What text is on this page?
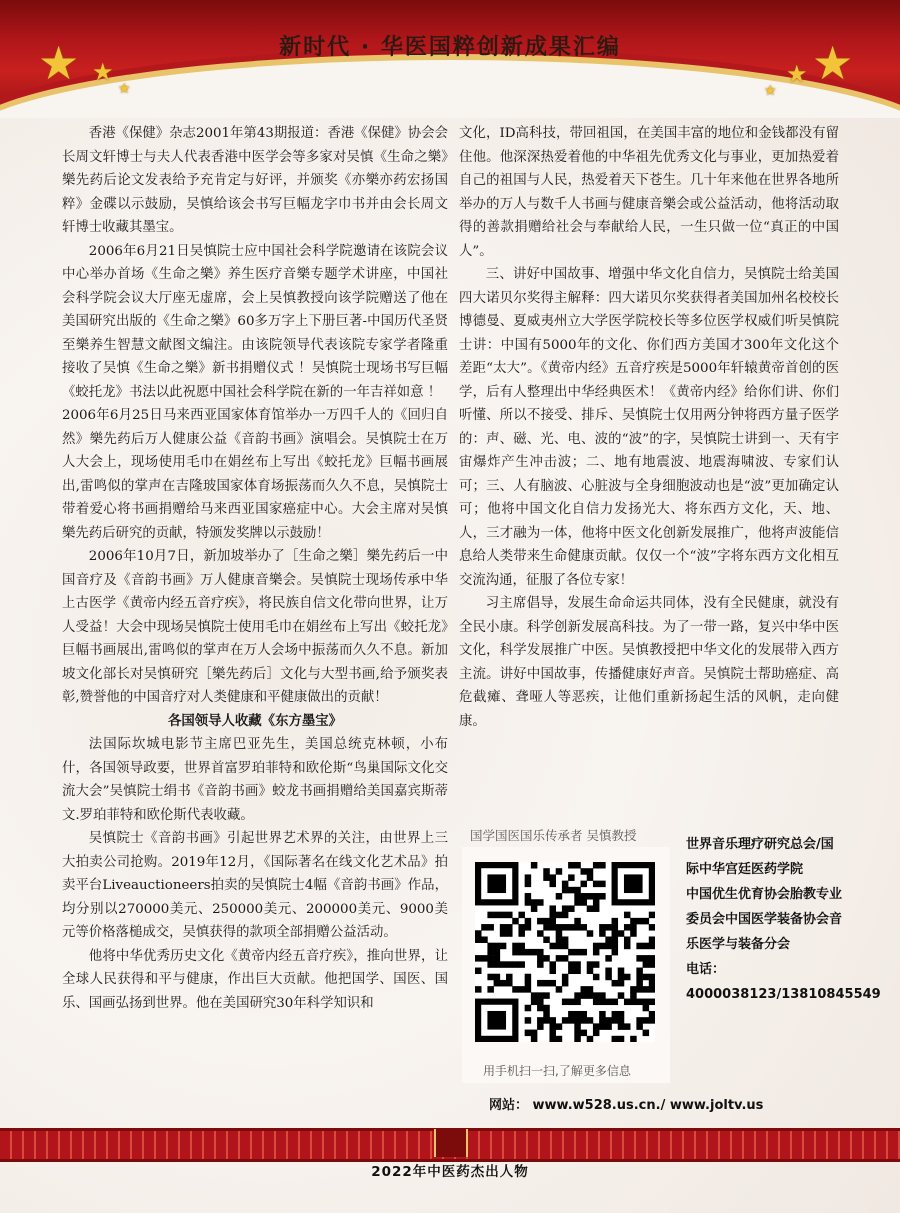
★ ★
★	★
★
★
新时代 · 华医国粹创新成果汇编

香港《保健》杂志2001年第43期报道：香港《保健》协会会长周文轩博士与夫人代表香港中医学会等多家对吴慎《生命之樂》樂先药后论文发表给予充肯定与好评，并颁奖《亦樂亦药宏扬国粹》金碟以示鼓励，吴慎给该会书写巨幅龙字巾书并由会长周文轩博士收藏其墨宝。

2006年6月21日吴慎院士应中国社会科学院邀请在该院会议中心举办首场《生命之樂》养生医疗音樂专题学术讲座，中国社会科学院会议大厅座无虚席，会上吴慎教授向该学院赠送了他在美国研究出版的《生命之樂》60多万字上下册巨著-中国历代圣贤至樂养生智慧文献图文编注。由该院领导代表该院专家学者隆重接收了吴慎《生命之樂》新书捐赠仪式 ！吴慎院士现场书写巨幅《蛟托龙》书法以此祝愿中国社会科学院在新的一年吉祥如意 ！

2006年6月25日马来西亚国家体育馆举办一万四千人的《回归自然》樂先药后万人健康公益《音韵书画》演唱会。吴慎院士在万人大会上，现场使用毛巾在娟丝布上写出《蛟托龙》巨幅书画展出,雷鸣似的掌声在吉隆玻国家体育场振荡而久久不息，吴慎院士带着爱心将书画捐赠给马来西亚国家癌症中心。大会主席对吴慎樂先药后研究的贡献，特颁发奖牌以示鼓励！

2006年10月7日，新加坡举办了［生命之樂］樂先药后一中国音疗及《音韵书画》万人健康音樂会。吴慎院士现场传承中华上古医学《黄帝内经五音疗疾》，将民族自信文化带向世界，让万人受益！大会中现场吴慎院士使用毛巾在娟丝布上写出《蛟托龙》巨幅书画展出,雷鸣似的掌声在万人会场中振荡而久久不息。新加坡文化部长对吴慎研究［樂先药后］文化与大型书画,给予颁奖表彰,赞誉他的中国音疗对人类健康和平健康做出的贡献！

各国领导人收藏《东方墨宝》

法国际坎城电影节主席巴亚先生，美国总统克林顿，小布什，各国领导政要，世界首富罗珀菲特和欧伦斯“鸟巢国际文化交流大会”吴慎院士绢书《音韵书画》蛟龙书画捐赠给美国嘉宾斯蒂文.罗珀菲特和欧伦斯代表收藏。

吴慎院士《音韵书画》引起世界艺术界的关注，由世界上三大拍卖公司抢购。2019年12月，《国际著名在线文化艺术品》拍卖平台Liveauctioneers拍卖的吴慎院士4幅《音韵书画》作品，均分别以270000美元、250000美元、200000美元、9000美元等价格落槌成交，吴慎获得的款项全部捐赠公益活动。

他将中华优秀历史文化《黄帝内经五音疗疾》，推向世界，让全球人民获得和平与健康，作出巨大贡献。他把国学、国医、国乐、国画弘扬到世界。他在美国研究30年科学知识和

文化，ID高科技，带回祖国，在美国丰富的地位和金钱都没有留住他。他深深热爱着他的中华祖先优秀文化与事业，更加热爱着自己的祖国与人民，热爱着天下苍生。几十年来他在世界各地所举办的万人与数千人书画与健康音樂会或公益活动，他将活动取得的善款捐赠给社会与奉献给人民，一生只做一位“真正的中国人”。

三、讲好中国故事、增强中华文化自信力，吴慎院士给美国四大诺贝尔奖得主解释：四大诺贝尔奖获得者美国加州名校校长博德曼、夏威夷州立大学医学院校长等多位医学权威们听吴慎院士讲：中国有5000年的文化、你们西方美国才300年文化这个差距“太大”。《黄帝内经》五音疗疾是5000年轩辕黄帝首创的医学，后有人整理出中华经典医术！《黄帝内经》给你们讲、你们听懂、所以不接受、排斥、吴慎院士仅用两分钟将西方量子医学的：声、磁、光、电、波的“波”的字，吴慎院士讲到一、天有宇宙爆炸产生冲击波；二、地有地震波、地震海啸波、专家们认可；三、人有脑波、心脏波与全身细胞波动也是“波”更加确定认可；他将中国文化自信力发扬光大、将东西方文化，天、地、人，三才融为一体，他将中医文化创新发展推广，他将声波能信息给人类带来生命健康贡献。仅仅一个“波”字将东西方文化相互交流沟通，征服了各位专家！

习主席倡导，发展生命命运共同体，没有全民健康，就没有全民小康。科学创新发展高科技。为了一带一路，复兴中华中医文化，科学发展推广中医。吴慎教授把中华文化的发展带入西方主流。讲好中国故事，传播健康好声音。吴慎院士帮助癌症、高危截瘫、聋哑人等恶疾，让他们重新扬起生活的风帆，走向健康。

国学国医国乐传承者 吴慎教授
用手机扫一扫,了解更多信息
世界音乐理疗研究总会/国际中华宫廷医药学院
中国优生优育协会胎教专业委员会中国医学装备协会音乐医学与装备分会
电话：4000038123/13810845549
网站： www.w528.us.cn./ www.joltv.us
2022年中医药杰出人物
